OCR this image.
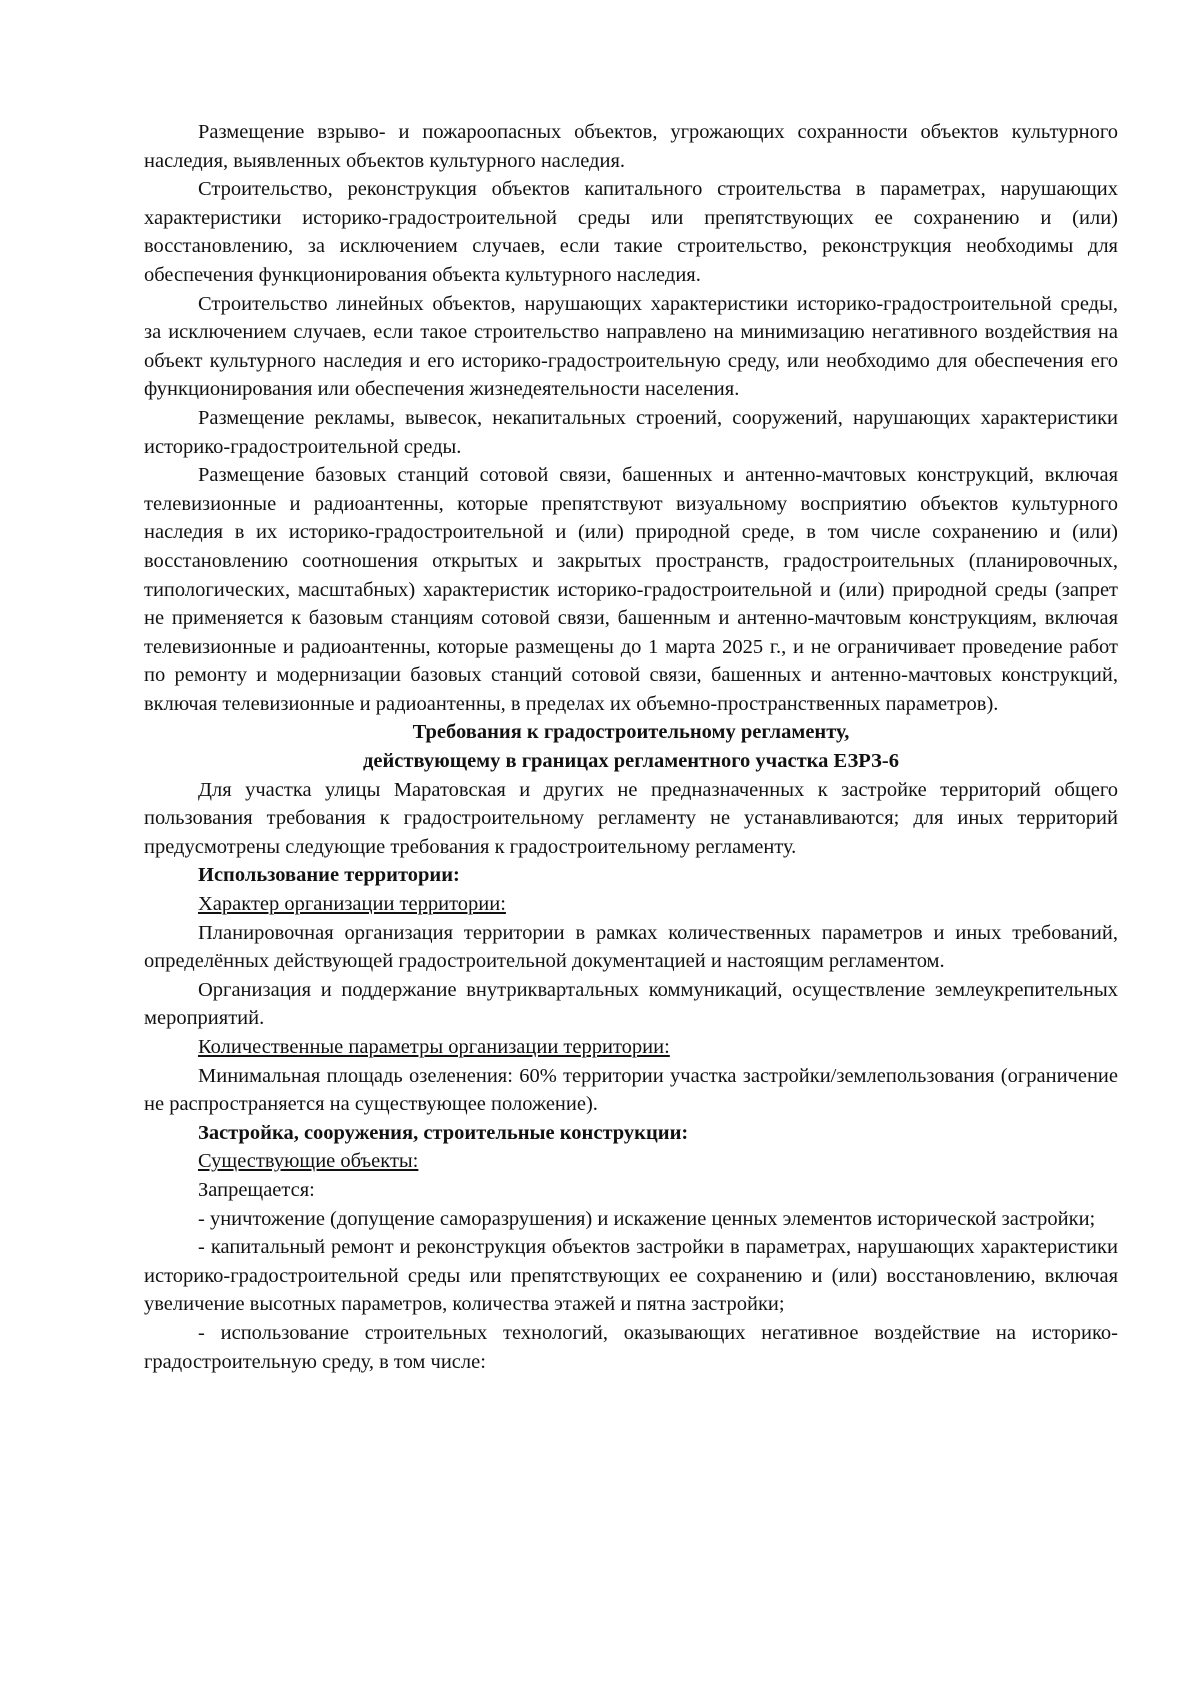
Размещение взрыво- и пожароопасных объектов, угрожающих сохранности объектов культурного наследия, выявленных объектов культурного наследия.

Строительство, реконструкция объектов капитального строительства в параметрах, нарушающих характеристики историко-градостроительной среды или препятствующих ее сохранению и (или) восстановлению, за исключением случаев, если такие строительство, реконструкция необходимы для обеспечения функционирования объекта культурного наследия.

Строительство линейных объектов, нарушающих характеристики историко-градостроительной среды, за исключением случаев, если такое строительство направлено на минимизацию негативного воздействия на объект культурного наследия и его историко-градостроительную среду, или необходимо для обеспечения его функционирования или обеспечения жизнедеятельности населения.

Размещение рекламы, вывесок, некапитальных строений, сооружений, нарушающих характеристики историко-градостроительной среды.

Размещение базовых станций сотовой связи, башенных и антенно-мачтовых конструкций, включая телевизионные и радиоантенны, которые препятствуют визуальному восприятию объектов культурного наследия в их историко-градостроительной и (или) природной среде, в том числе сохранению и (или) восстановлению соотношения открытых и закрытых пространств, градостроительных (планировочных, типологических, масштабных) характеристик историко-градостроительной и (или) природной среды (запрет не применяется к базовым станциям сотовой связи, башенным и антенно-мачтовым конструкциям, включая телевизионные и радиоантенны, которые размещены до 1 марта 2025 г., и не ограничивает проведение работ по ремонту и модернизации базовых станций сотовой связи, башенных и антенно-мачтовых конструкций, включая телевизионные и радиоантенны, в пределах их объемно-пространственных параметров).

Требования к градостроительному регламенту,

действующему в границах регламентного участка ЕЗРЗ-6

Для участка улицы Маратовская и других не предназначенных к застройке территорий общего пользования требования к градостроительному регламенту не устанавливаются; для иных территорий предусмотрены следующие требования к градостроительному регламенту.

Использование территории:

Характер организации территории:

Планировочная организация территории в рамках количественных параметров и иных требований, определённых действующей градостроительной документацией и настоящим регламентом.

Организация и поддержание внутриквартальных коммуникаций, осуществление землеукрепительных мероприятий.

Количественные параметры организации территории:

Минимальная площадь озеленения: 60% территории участка застройки/землепользования (ограничение не распространяется на существующее положение).

Застройка, сооружения, строительные конструкции:

Существующие объекты:

Запрещается:

- уничтожение (допущение саморазрушения) и искажение ценных элементов исторической застройки;

- капитальный ремонт и реконструкция объектов застройки в параметрах, нарушающих характеристики историко-градостроительной среды или препятствующих ее сохранению и (или) восстановлению, включая увеличение высотных параметров, количества этажей и пятна застройки;

- использование строительных технологий, оказывающих негативное воздействие на историко-градостроительную среду, в том числе:
